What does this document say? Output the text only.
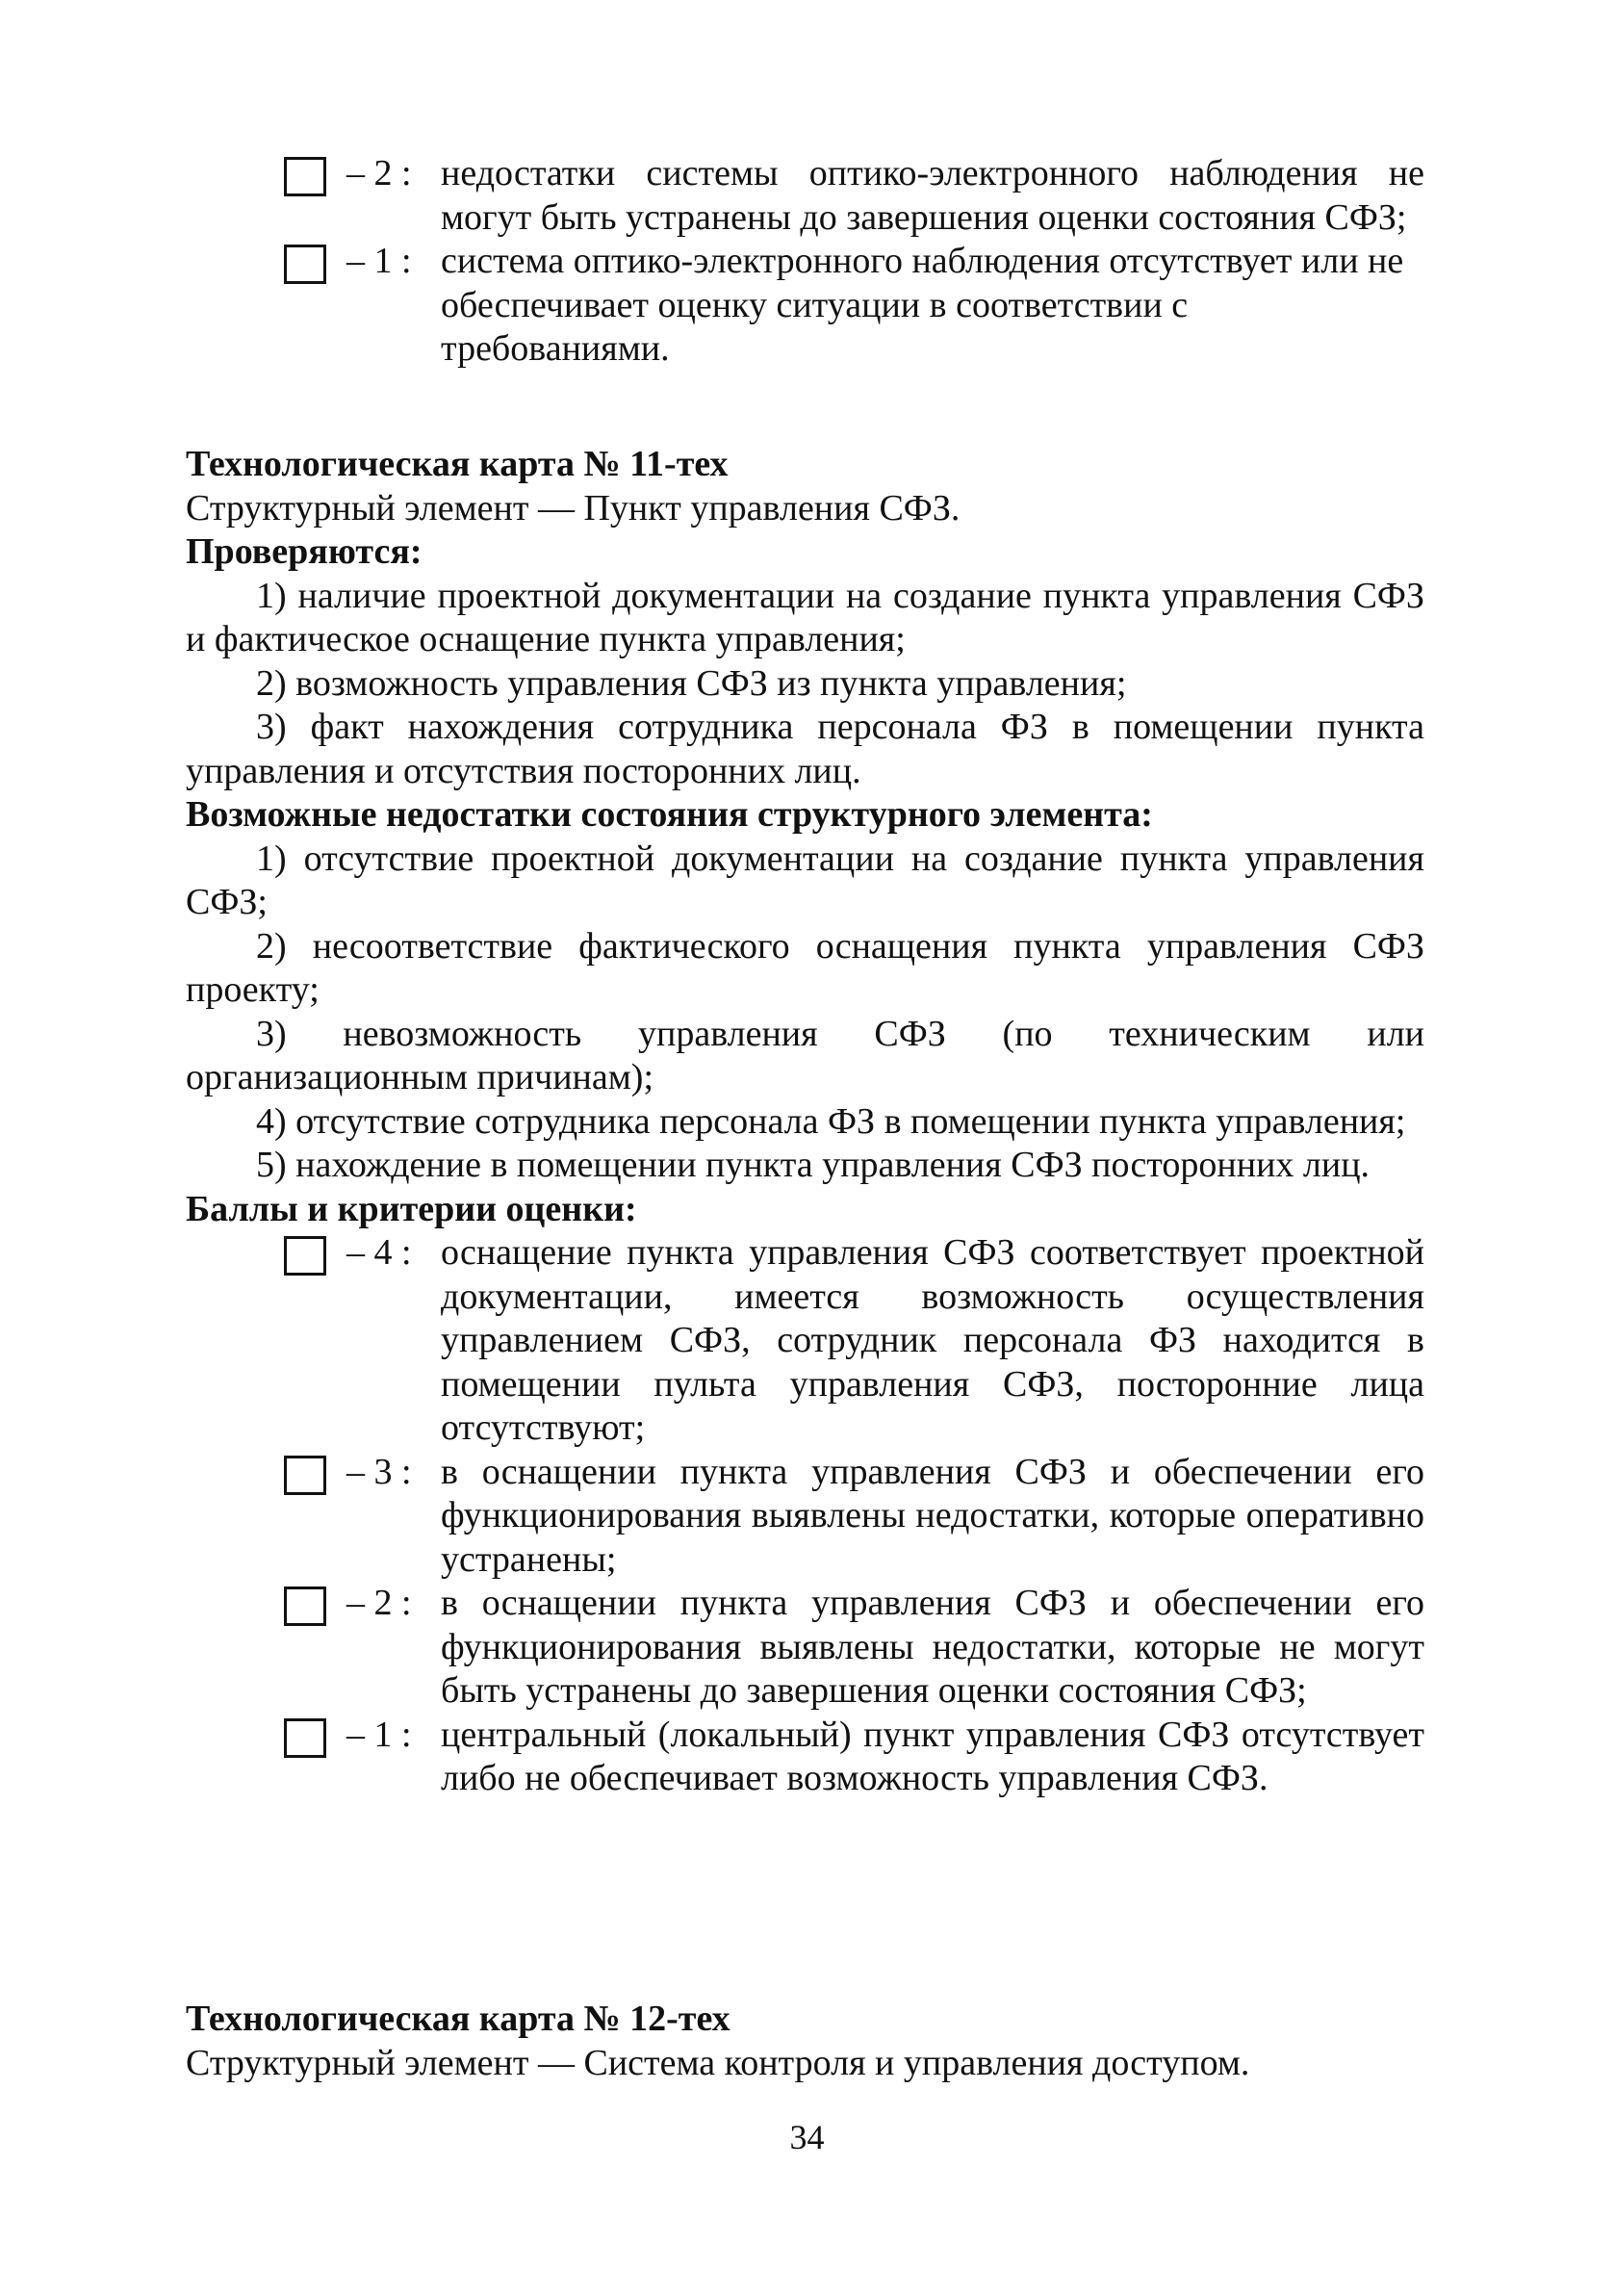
– 2 : недостатки системы оптико-электронного наблюдения не могут быть устранены до завершения оценки состояния СФЗ;
– 1 : система оптико-электронного наблюдения отсутствует или не обеспечивает оценку ситуации в соответствии с требованиями.
Технологическая карта № 11-тех
Структурный элемент — Пункт управления СФЗ.
Проверяются:
1) наличие проектной документации на создание пункта управления СФЗ и фактическое оснащение пункта управления;
2) возможность управления СФЗ из пункта управления;
3) факт нахождения сотрудника персонала ФЗ в помещении пункта управления и отсутствия посторонних лиц.
Возможные недостатки состояния структурного элемента:
1) отсутствие проектной документации на создание пункта управления СФЗ;
2) несоответствие фактического оснащения пункта управления СФЗ проекту;
3) невозможность управления СФЗ (по техническим или организационным причинам);
4) отсутствие сотрудника персонала ФЗ в помещении пункта управления;
5) нахождение в помещении пункта управления СФЗ посторонних лиц.
Баллы и критерии оценки:
– 4 : оснащение пункта управления СФЗ соответствует проектной документации, имеется возможность осуществления управлением СФЗ, сотрудник персонала ФЗ находится в помещении пульта управления СФЗ, посторонние лица отсутствуют;
– 3 : в оснащении пункта управления СФЗ и обеспечении его функционирования выявлены недостатки, которые оперативно устранены;
– 2 : в оснащении пункта управления СФЗ и обеспечении его функционирования выявлены недостатки, которые не могут быть устранены до завершения оценки состояния СФЗ;
– 1 : центральный (локальный) пункт управления СФЗ отсутствует либо не обеспечивает возможность управления СФЗ.
Технологическая карта № 12-тех
Структурный элемент — Система контроля и управления доступом.
34
